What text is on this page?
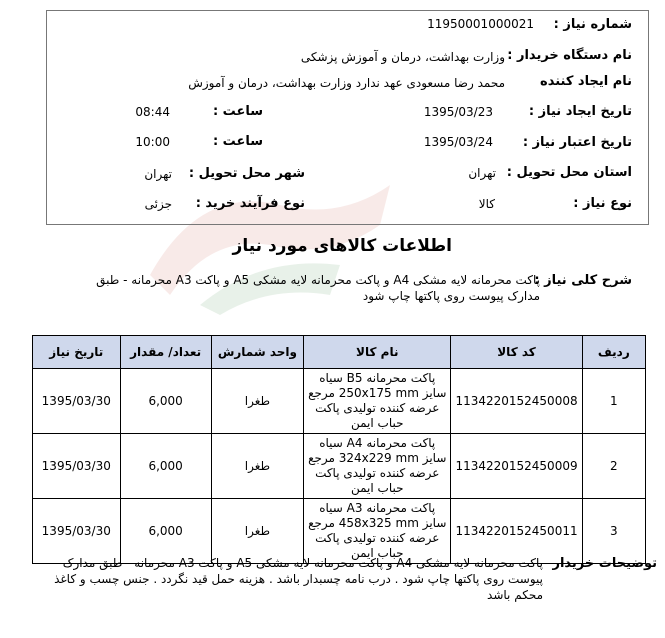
شماره نیاز :
11950001000021
نام دستگاه خریدار :
وزارت بهداشت، درمان و آموزش پزشکی
نام ایجاد کننده
محمد رضا مسعودی عهد ندارد وزارت بهداشت، درمان و آموزش
تاریخ ایجاد نیاز :
1395/03/23
ساعت :
08:44
تاریخ اعتبار نیاز :
1395/03/24
ساعت :
10:00
استان محل تحویل :
تهران
شهر محل تحویل :
تهران
نوع نیاز :
کالا
نوع فرآیند خرید :
جزئی
اطلاعات کالاهای مورد نیاز
شرح کلی نیاز :
پاکت محرمانه لایه مشکی A4 و پاکت محرمانه لایه مشکی A5 و پاکت A3 محرمانه - طبق مدارک پیوست روی پاکتها چاپ شود
ردیف	کد کالا	نام کالا	واحد شمارش	تعداد/ مقدار	تاریخ نیاز
1	1134220152450008	پاکت محرمانه B5 سیاه سایز 250x175 mm مرجع عرضه کننده تولیدی پاکت حباب ایمن	طغرا	6,000	1395/03/30
2	1134220152450009	پاکت محرمانه A4 سیاه سایز 324x229 mm مرجع عرضه کننده تولیدی پاکت حباب ایمن	طغرا	6,000	1395/03/30
3	1134220152450011	پاکت محرمانه A3 سیاه سایز 458x325 mm مرجع عرضه کننده تولیدی پاکت حباب ایمن	طغرا	6,000	1395/03/30
توضیحات خریدار
پاکت محرمانه لایه مشکی A4 و پاکت محرمانه لایه مشکی A5 و پاکت A3 محرمانه - طبق مدارک پیوست روی پاکتها چاپ شود . درب نامه چسبدار باشد . هزینه حمل قید نگردد . جنس چسب و کاغذ محکم باشد
